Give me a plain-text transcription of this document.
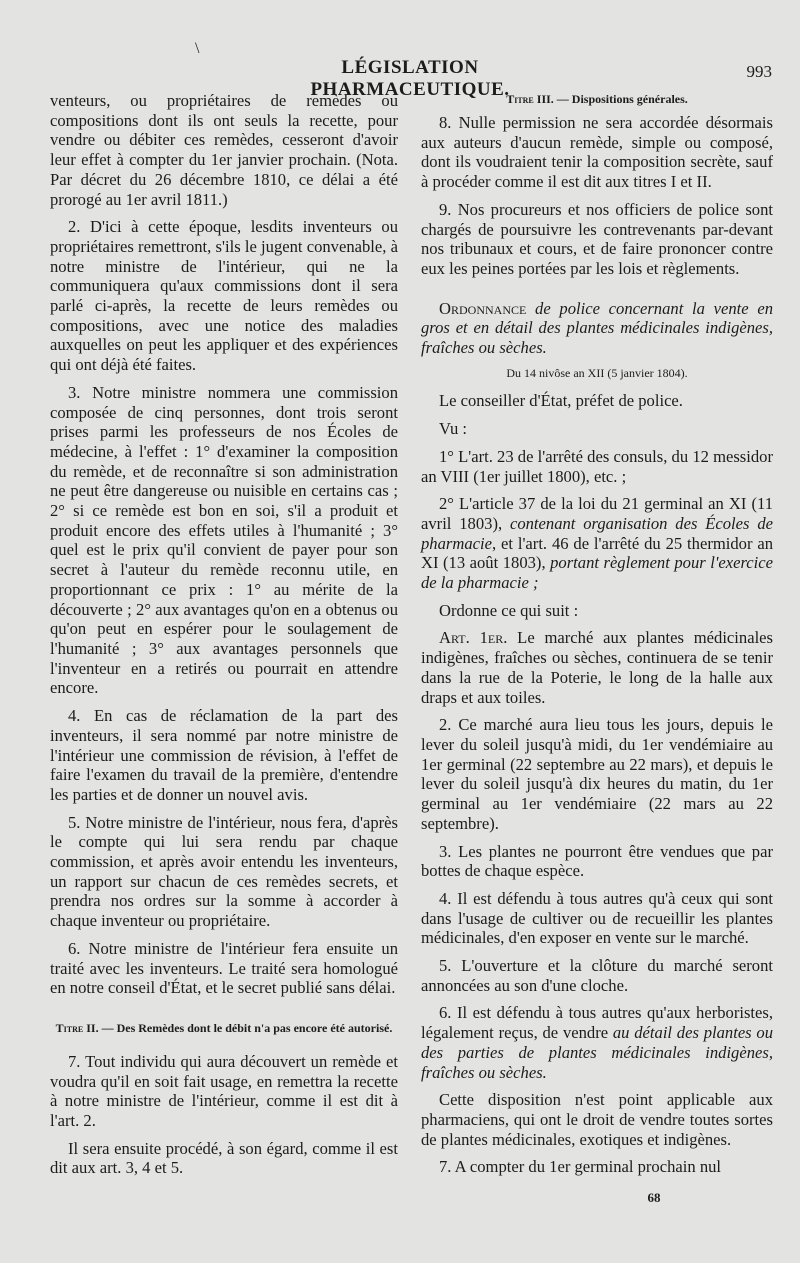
\
LÉGISLATION PHARMACEUTIQUE.
993

venteurs, ou propriétaires de remèdes ou compositions dont ils ont seuls la recette, pour vendre ou débiter ces remèdes, cesseront d'avoir leur effet à compter du 1er janvier prochain. (Nota. Par décret du 26 décembre 1810, ce délai a été prorogé au 1er avril 1811.)

2. D'ici à cette époque, lesdits inventeurs ou propriétaires remettront, s'ils le jugent convenable, à notre ministre de l'intérieur, qui ne la communiquera qu'aux commissions dont il sera parlé ci-après, la recette de leurs remèdes ou compositions, avec une notice des maladies auxquelles on peut les appliquer et des expériences qui ont déjà été faites.

3. Notre ministre nommera une commission composée de cinq personnes, dont trois seront prises parmi les professeurs de nos Écoles de médecine, à l'effet : 1° d'examiner la composition du remède, et de reconnaître si son administration ne peut être dangereuse ou nuisible en certains cas ; 2° si ce remède est bon en soi, s'il a produit et produit encore des effets utiles à l'humanité ; 3° quel est le prix qu'il convient de payer pour son secret à l'auteur du remède reconnu utile, en proportionnant ce prix : 1° au mérite de la découverte ; 2° aux avantages qu'on en a obtenus ou qu'on peut en espérer pour le soulagement de l'humanité ; 3° aux avantages personnels que l'inventeur en a retirés ou pourrait en attendre encore.

4. En cas de réclamation de la part des inventeurs, il sera nommé par notre ministre de l'intérieur une commission de révision, à l'effet de faire l'examen du travail de la première, d'entendre les parties et de donner un nouvel avis.

5. Notre ministre de l'intérieur, nous fera, d'après le compte qui lui sera rendu par chaque commission, et après avoir entendu les inventeurs, un rapport sur chacun de ces remèdes secrets, et prendra nos ordres sur la somme à accorder à chaque inventeur ou propriétaire.

6. Notre ministre de l'intérieur fera ensuite un traité avec les inventeurs. Le traité sera homologué en notre conseil d'État, et le secret publié sans délai.

Titre II. — Des Remèdes dont le débit n'a pas encore été autorisé.

7. Tout individu qui aura découvert un remède et voudra qu'il en soit fait usage, en remettra la recette à notre ministre de l'intérieur, comme il est dit à l'art. 2.

Il sera ensuite procédé, à son égard, comme il est dit aux art. 3, 4 et 5.

Titre III. — Dispositions générales.

8. Nulle permission ne sera accordée désormais aux auteurs d'aucun remède, simple ou composé, dont ils voudraient tenir la composition secrète, sauf à procéder comme il est dit aux titres I et II.

9. Nos procureurs et nos officiers de police sont chargés de poursuivre les contrevenants par-devant nos tribunaux et cours, et de faire prononcer contre eux les peines portées par les lois et règlements.

Ordonnance de police concernant la vente en gros et en détail des plantes médicinales indigènes, fraîches ou sèches.

Du 14 nivôse an XII (5 janvier 1804).

Le conseiller d'État, préfet de police.

Vu :

1° L'art. 23 de l'arrêté des consuls, du 12 messidor an VIII (1er juillet 1800), etc. ;

2° L'article 37 de la loi du 21 germinal an XI (11 avril 1803), contenant organisation des Écoles de pharmacie, et l'art. 46 de l'arrêté du 25 thermidor an XI (13 août 1803), portant règlement pour l'exercice de la pharmacie ;

Ordonne ce qui suit :

Art. 1er. Le marché aux plantes médicinales indigènes, fraîches ou sèches, continuera de se tenir dans la rue de la Poterie, le long de la halle aux draps et aux toiles.

2. Ce marché aura lieu tous les jours, depuis le lever du soleil jusqu'à midi, du 1er vendémiaire au 1er germinal (22 septembre au 22 mars), et depuis le lever du soleil jusqu'à dix heures du matin, du 1er germinal au 1er vendémiaire (22 mars au 22 septembre).

3. Les plantes ne pourront être vendues que par bottes de chaque espèce.

4. Il est défendu à tous autres qu'à ceux qui sont dans l'usage de cultiver ou de recueillir les plantes médicinales, d'en exposer en vente sur le marché.

5. L'ouverture et la clôture du marché seront annoncées au son d'une cloche.

6. Il est défendu à tous autres qu'aux herboristes, légalement reçus, de vendre au détail des plantes ou des parties de plantes médicinales indigènes, fraîches ou sèches.

Cette disposition n'est point applicable aux pharmaciens, qui ont le droit de vendre toutes sortes de plantes médicinales, exotiques et indigènes.

7. A compter du 1er germinal prochain nul

68
